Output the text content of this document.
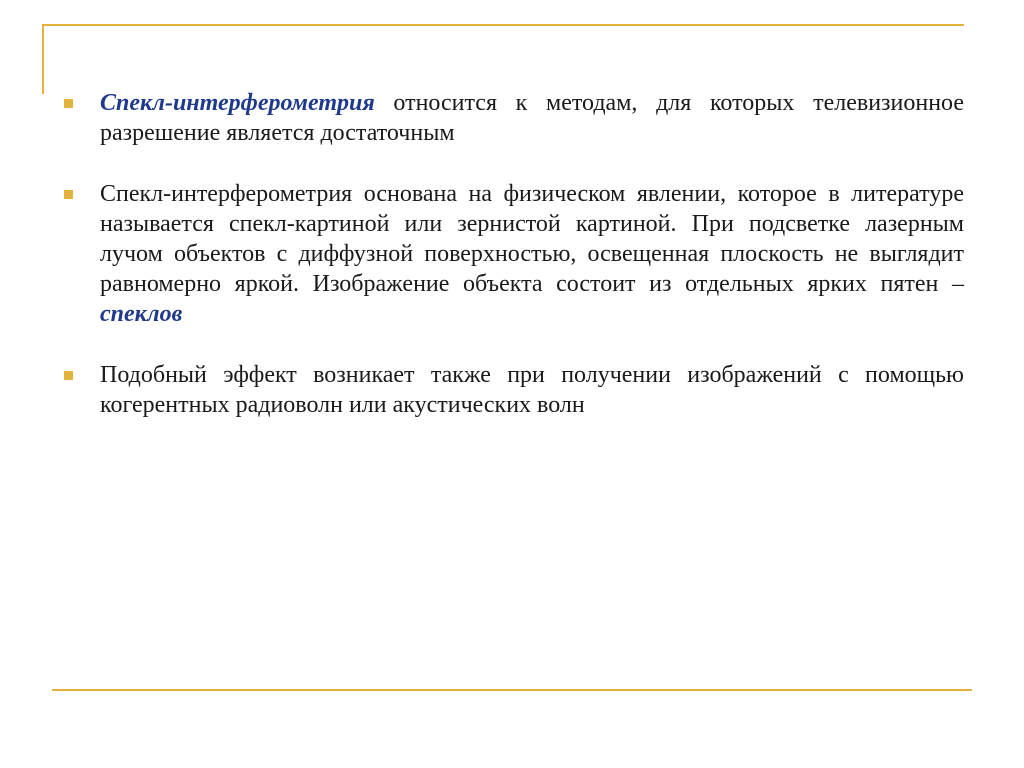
Спекл-интерферометрия относится к методам, для которых телевизионное разрешение является достаточным
Спекл-интерферометрия основана на физическом явлении, которое в литературе называется спекл-картиной или зернистой картиной. При подсветке лазерным лучом объектов с диффузной поверхностью, освещенная плоскость не выглядит равномерно яркой. Изображение объекта состоит из отдельных ярких пятен – спеклов
Подобный эффект возникает также при получении изображений с помощью когерентных радиоволн или акустических волн
